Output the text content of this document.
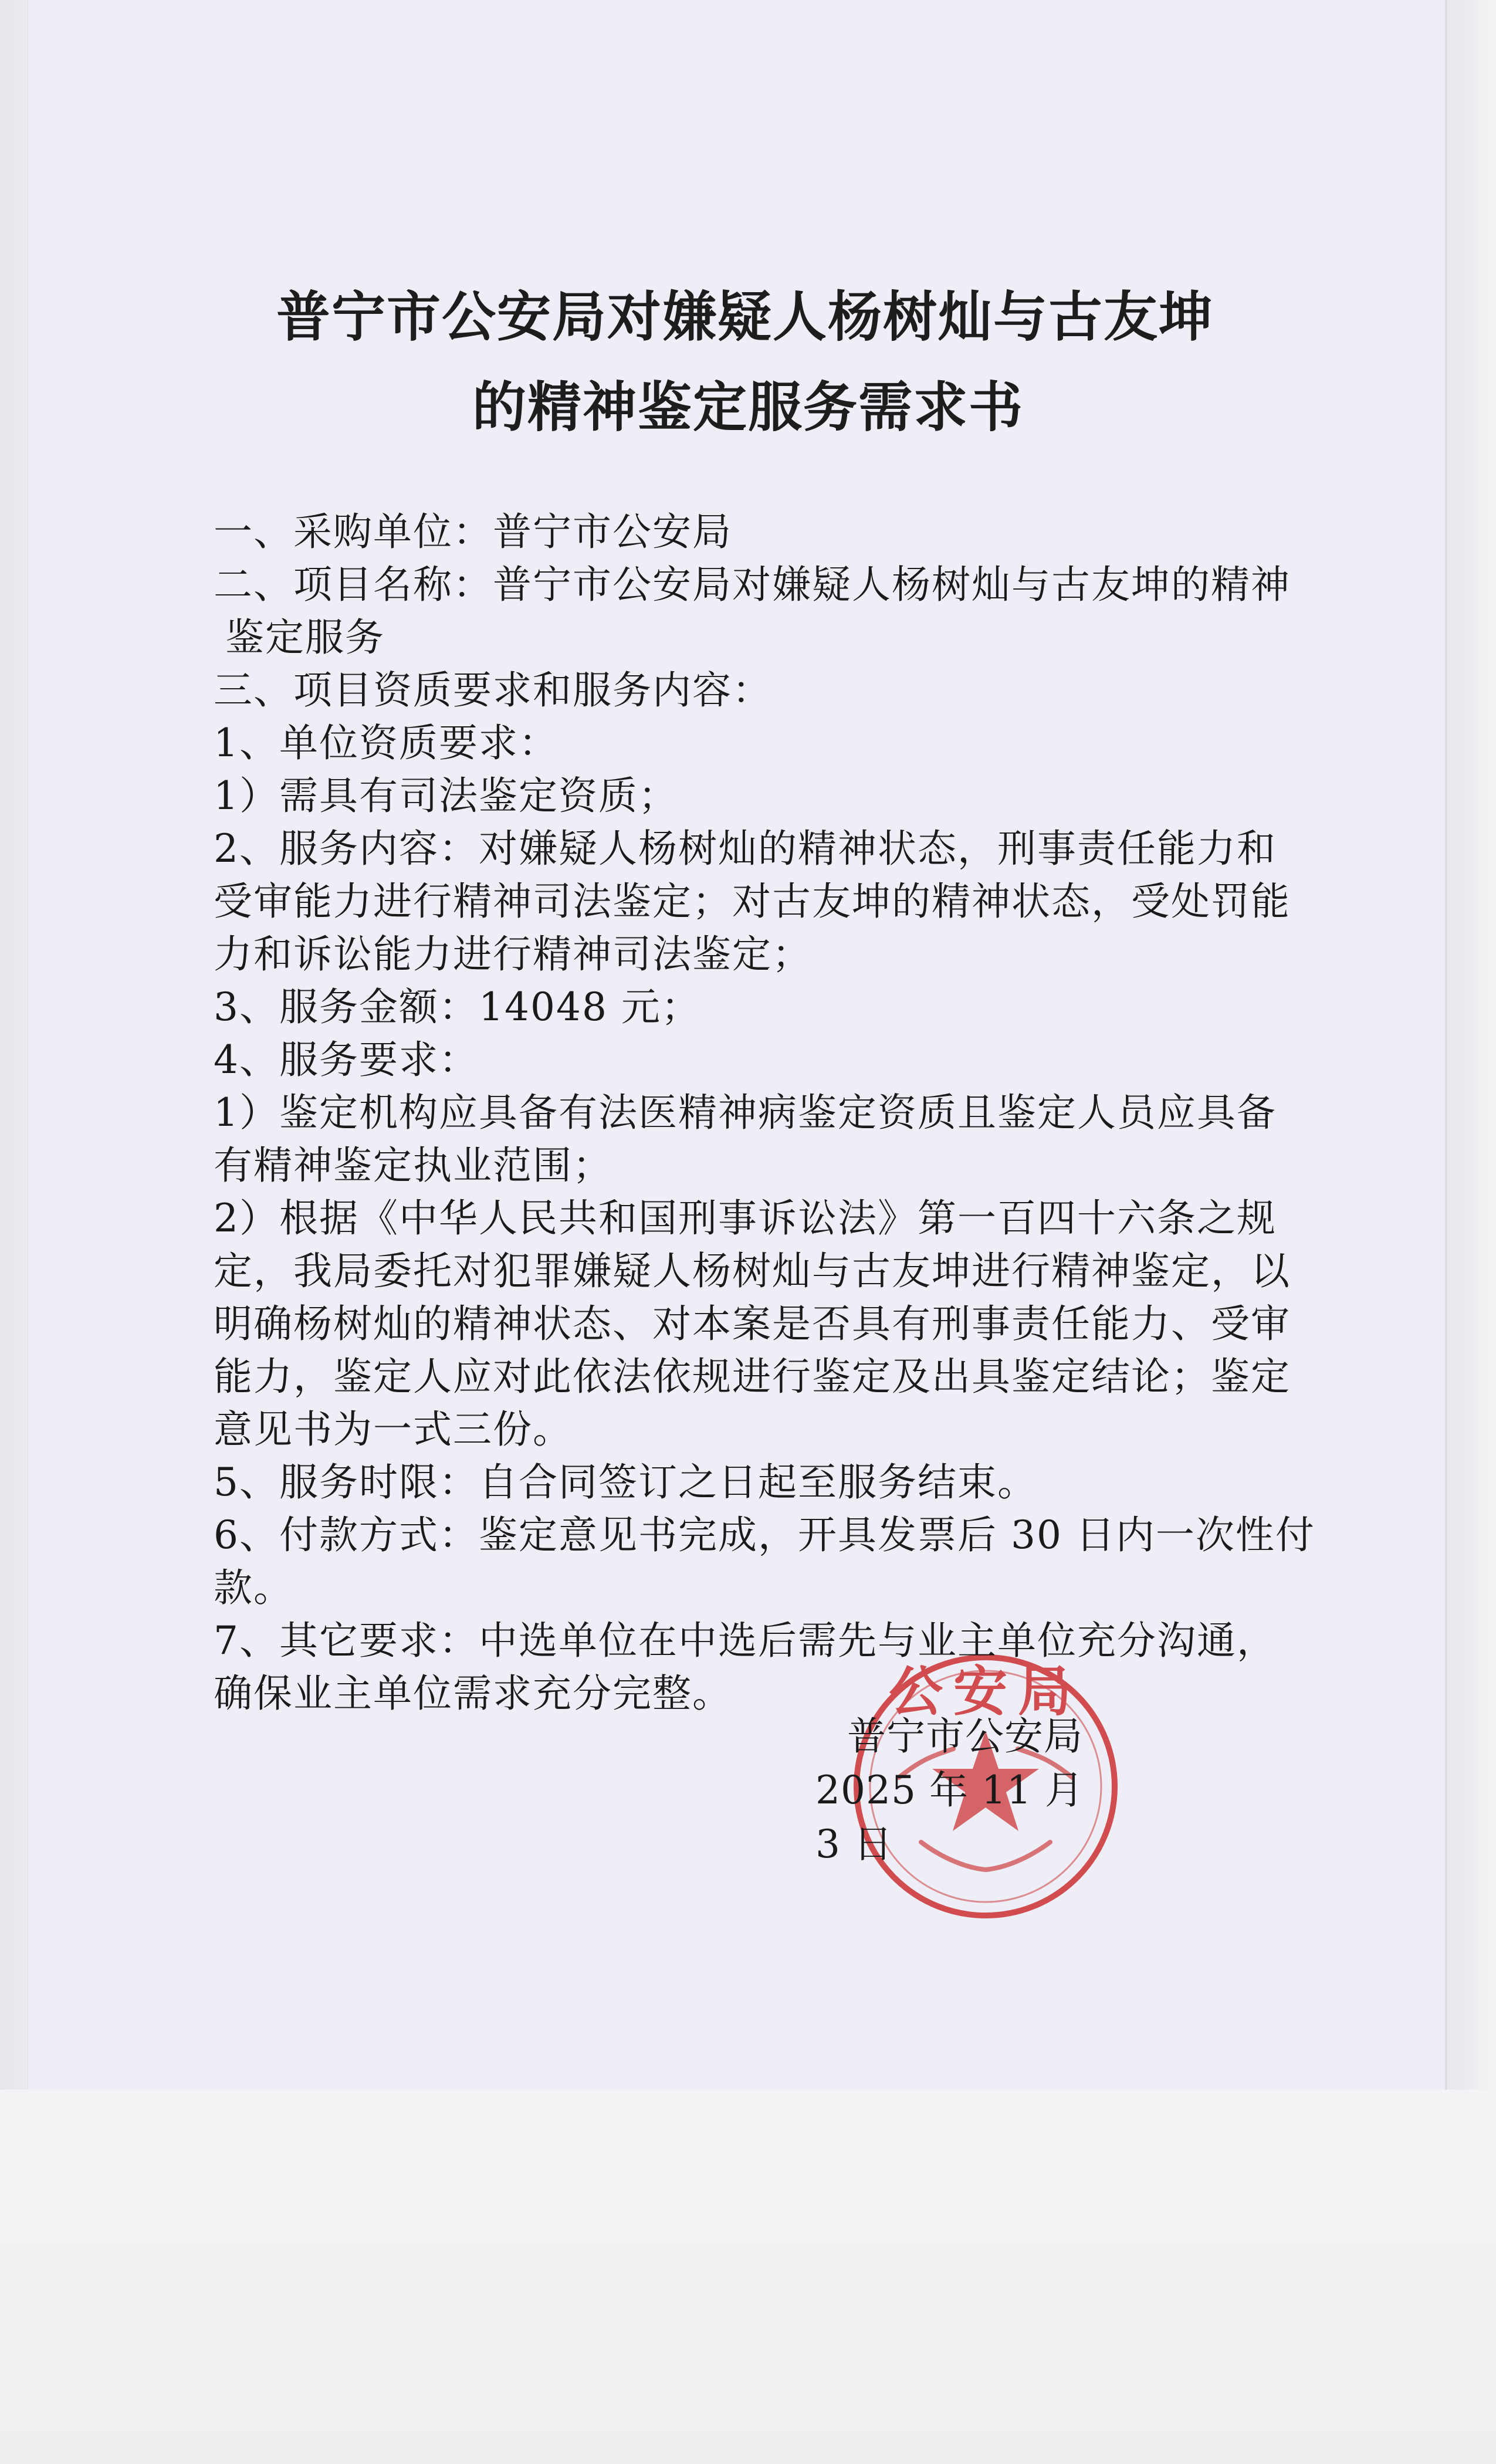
普宁市公安局对嫌疑人杨树灿与古友坤
的精神鉴定服务需求书
一、采购单位：普宁市公安局
二、项目名称：普宁市公安局对嫌疑人杨树灿与古友坤的精神
鉴定服务
三、项目资质要求和服务内容：
1、单位资质要求：
1）需具有司法鉴定资质；
2、服务内容：对嫌疑人杨树灿的精神状态，刑事责任能力和
受审能力进行精神司法鉴定；对古友坤的精神状态，受处罚能
力和诉讼能力进行精神司法鉴定；
3、服务金额：14048 元；
4、服务要求：
1）鉴定机构应具备有法医精神病鉴定资质且鉴定人员应具备
有精神鉴定执业范围；
2）根据《中华人民共和国刑事诉讼法》第一百四十六条之规
定，我局委托对犯罪嫌疑人杨树灿与古友坤进行精神鉴定，以
明确杨树灿的精神状态、对本案是否具有刑事责任能力、受审
能力，鉴定人应对此依法依规进行鉴定及出具鉴定结论；鉴定
意见书为一式三份。
5、服务时限：自合同签订之日起至服务结束。
6、付款方式：鉴定意见书完成，开具发票后 30 日内一次性付
款。
7、其它要求：中选单位在中选后需先与业主单位充分沟通，
确保业主单位需求充分完整。	公安局
普宁市公安局
2025 年 11 月 3 日
